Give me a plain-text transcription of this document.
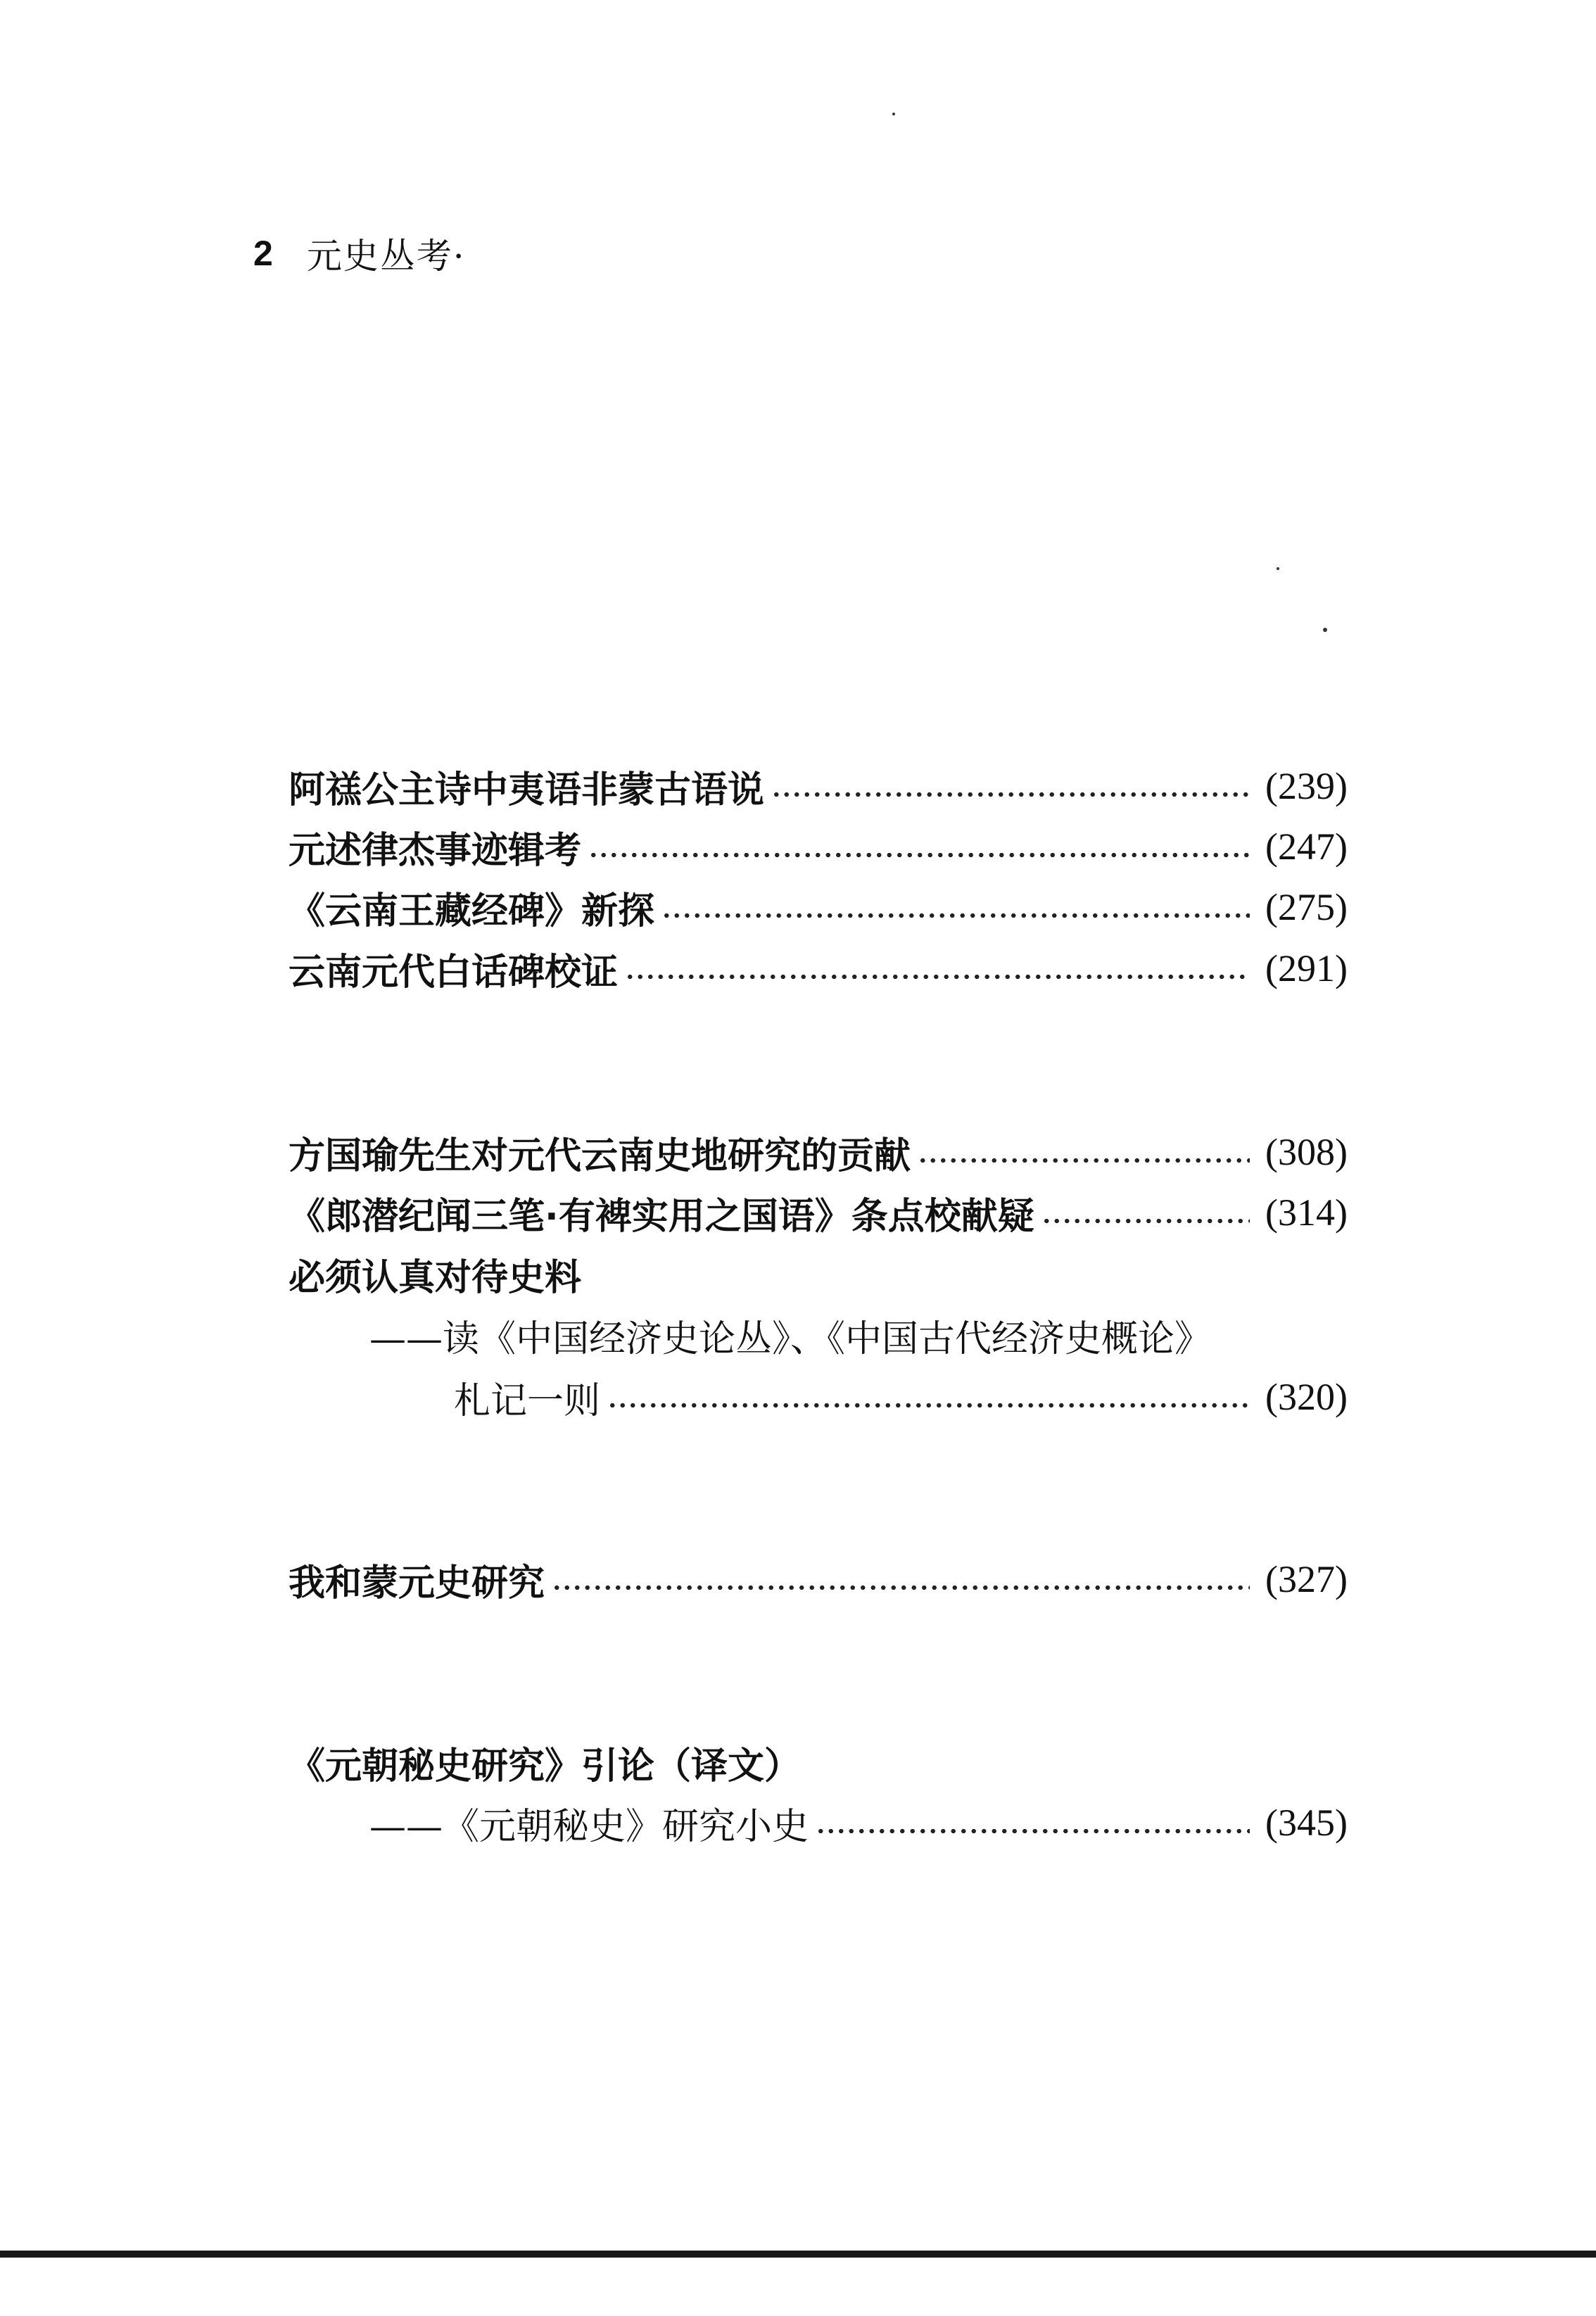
2 元史丛考·
阿禚公主诗中夷语非蒙古语说	(239)
元述律杰事迹辑考	(247)
《云南王藏经碑》新探	(275)
云南元代白话碑校证	(291)
方国瑜先生对元代云南史地研究的贡献	(308)
《郎潜纪闻三笔·有裨实用之国语》条点校献疑	(314)
必须认真对待史料
——读《中国经济史论丛》、《中国古代经济史概论》
札记一则	(320)
我和蒙元史研究	(327)
《元朝秘史研究》引论（译文）
——《元朝秘史》研究小史	(345)
